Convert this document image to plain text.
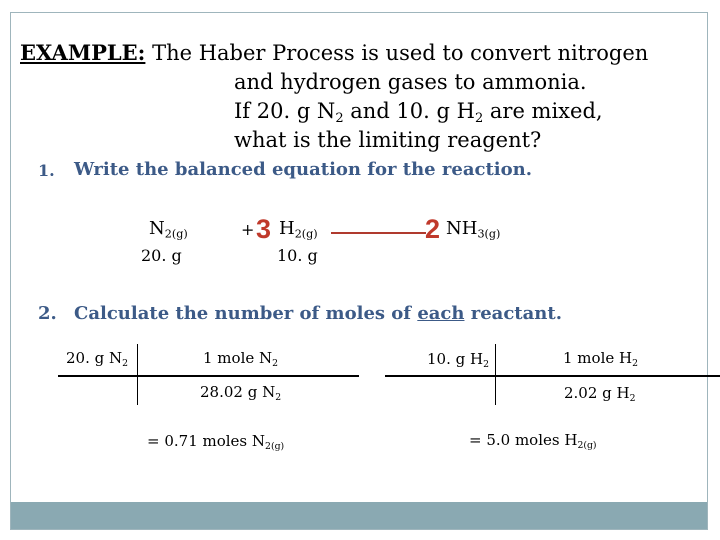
EXAMPLE: The Haber Process is used to convert nitrogen
and hydrogen gases to ammonia.
If 20. g $N_2$ and 10. g $H_2$ are mixed,
what is the limiting reagent?
1. Write the balanced equation for the reaction.
$N_{2(g)}$
20. g
+ 3 $H_{2(g)}$
10. g
2 $NH_{3(g)}$
2. Calculate the number of moles of each reactant.
20. g $N_2$	1 mole $N_2$
28.02 g $N_2$
= 0.71 moles $N_{2(g)}$
10. g $H_2$	1 mole $H_2$
2.02 g $H_2$
= 5.0 moles $H_{2(g)}$
